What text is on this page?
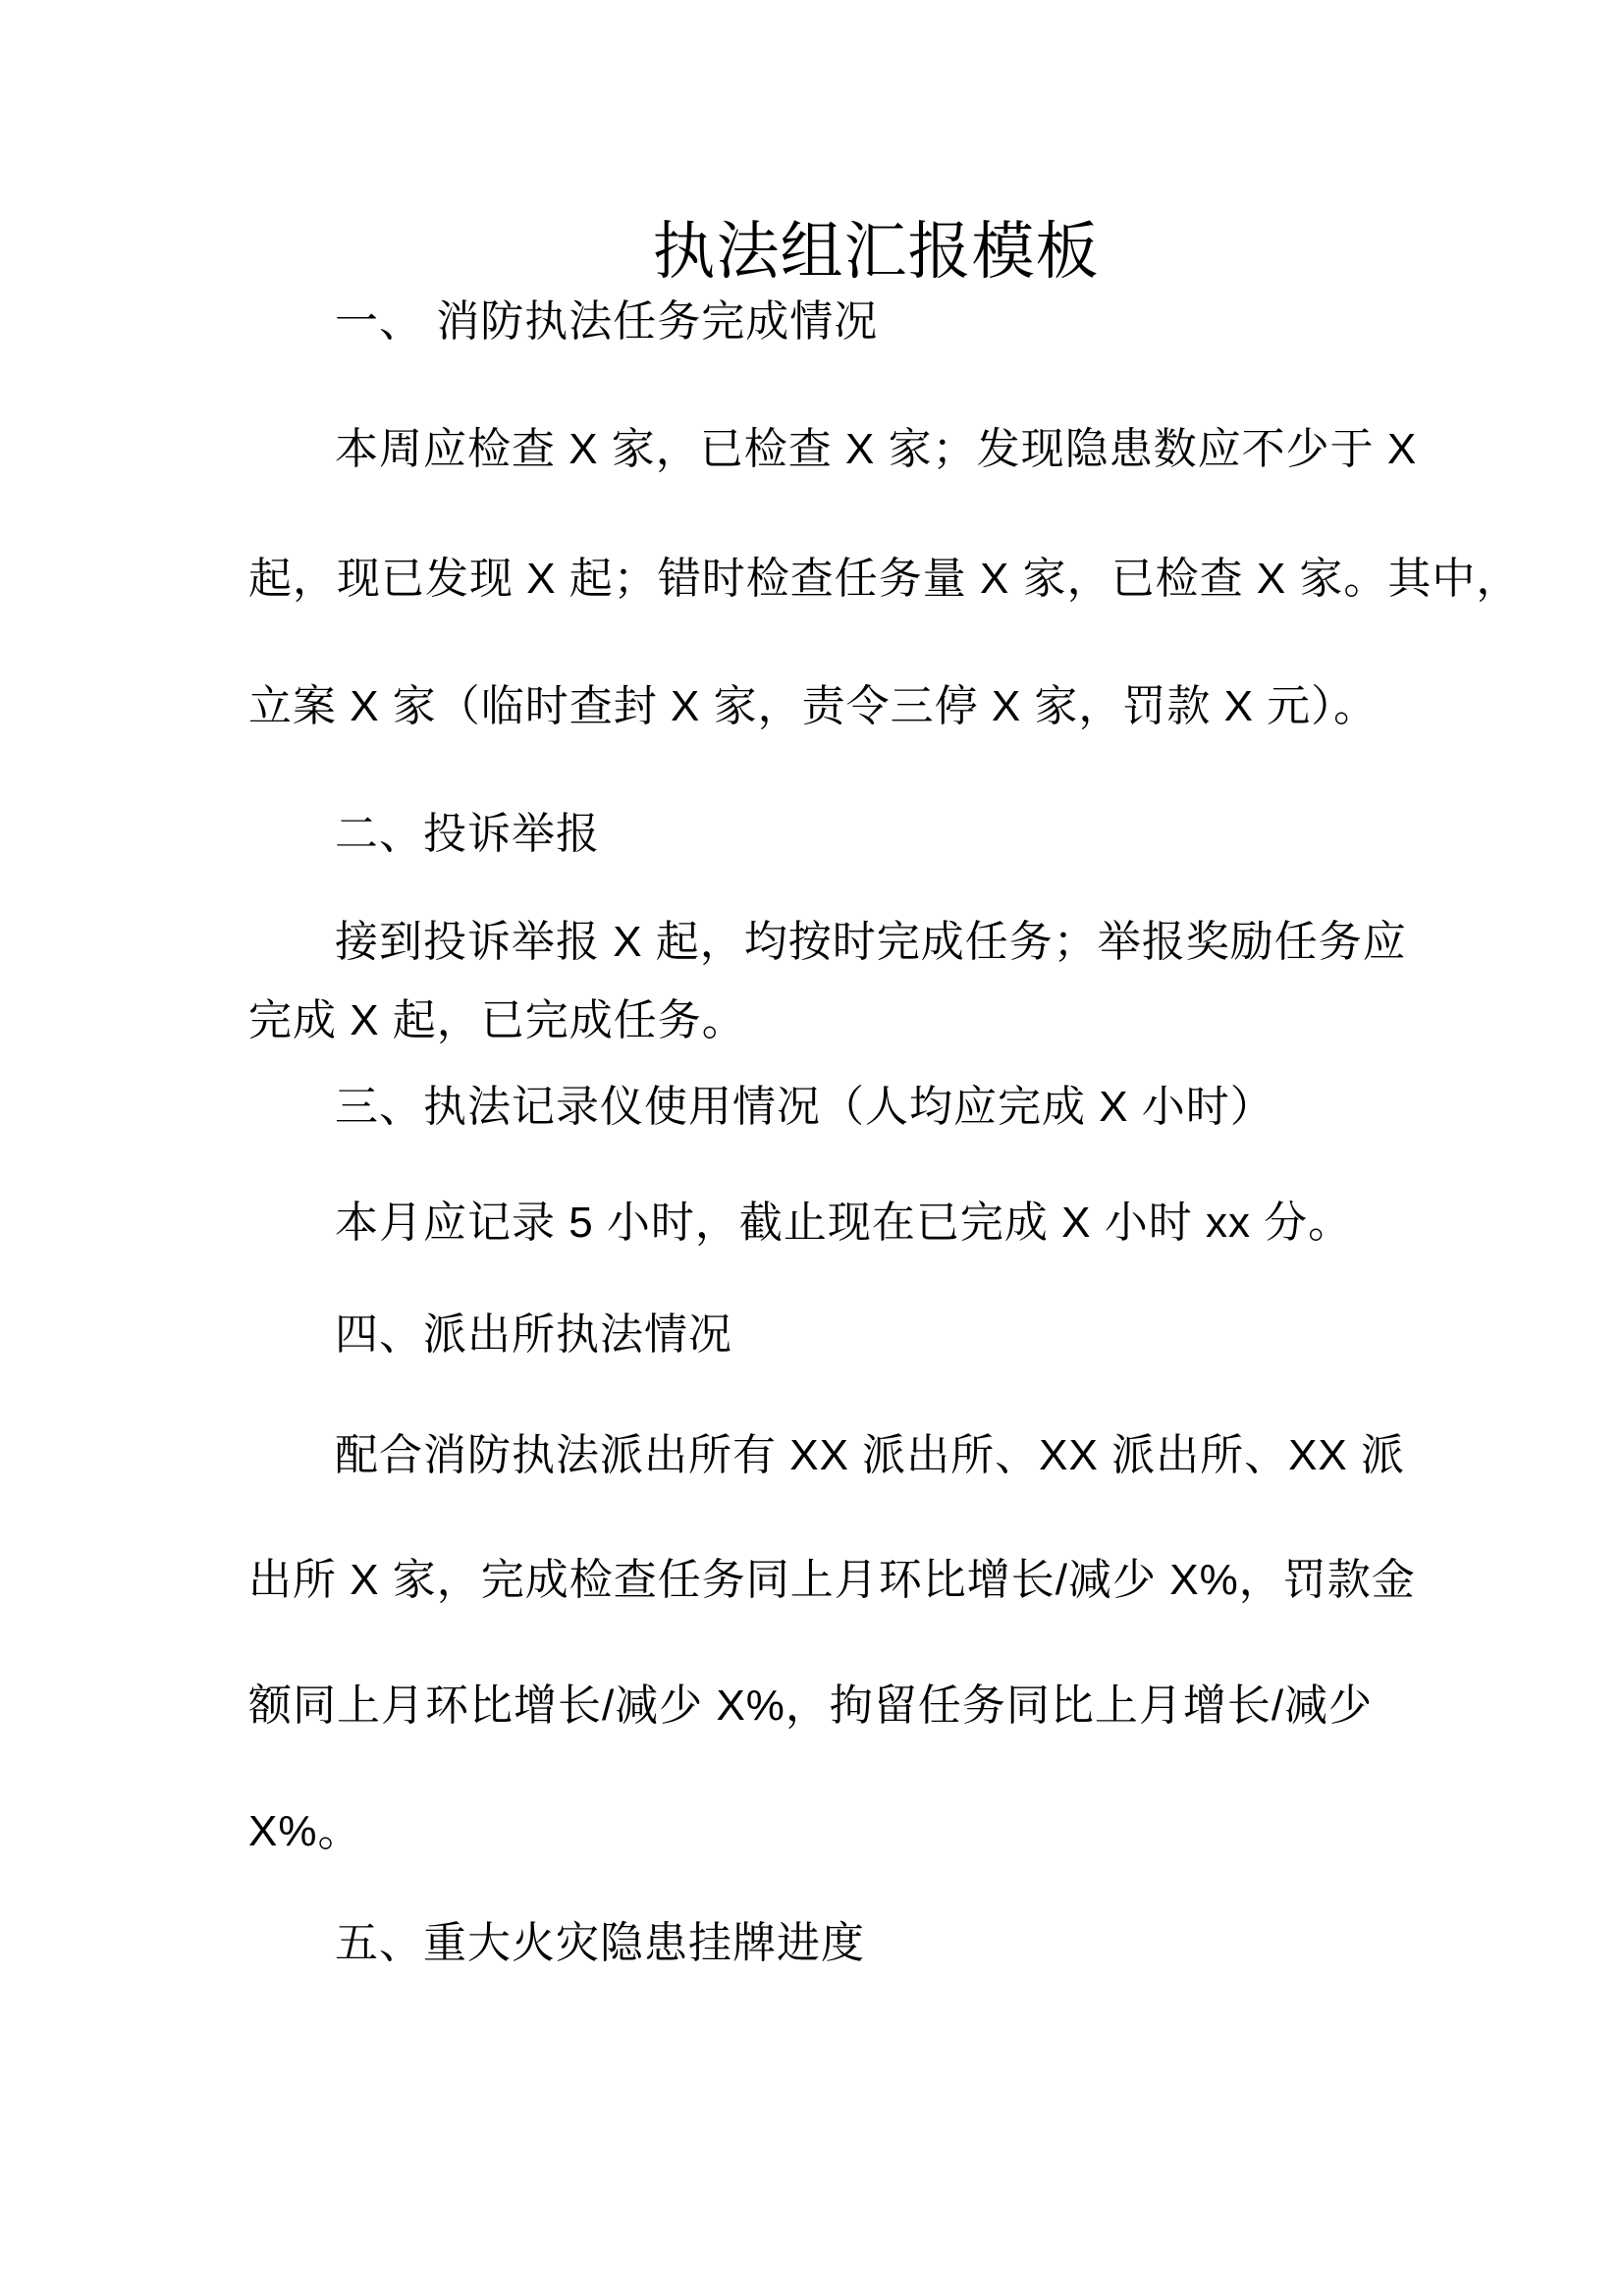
执法组汇报模板
一、 消防执法任务完成情况
本周应检查 X 家，已检查 X 家；发现隐患数应不少于 X
起，现已发现 X 起；错时检查任务量 X 家，已检查 X 家。其中，
立案 X 家（临时查封 X 家，责令三停 X 家，罚款 X 元）。
二、投诉举报
接到投诉举报 X 起，均按时完成任务；举报奖励任务应
完成 X 起，已完成任务。
三、执法记录仪使用情况（人均应完成 X 小时）
本月应记录 5 小时，截止现在已完成 X 小时 xx 分。
四、派出所执法情况
配合消防执法派出所有 XX 派出所、XX 派出所、XX 派
出所 X 家，完成检查任务同上月环比增长/减少 X%，罚款金
额同上月环比增长/减少 X%，拘留任务同比上月增长/减少
X%。
五、重大火灾隐患挂牌进度
